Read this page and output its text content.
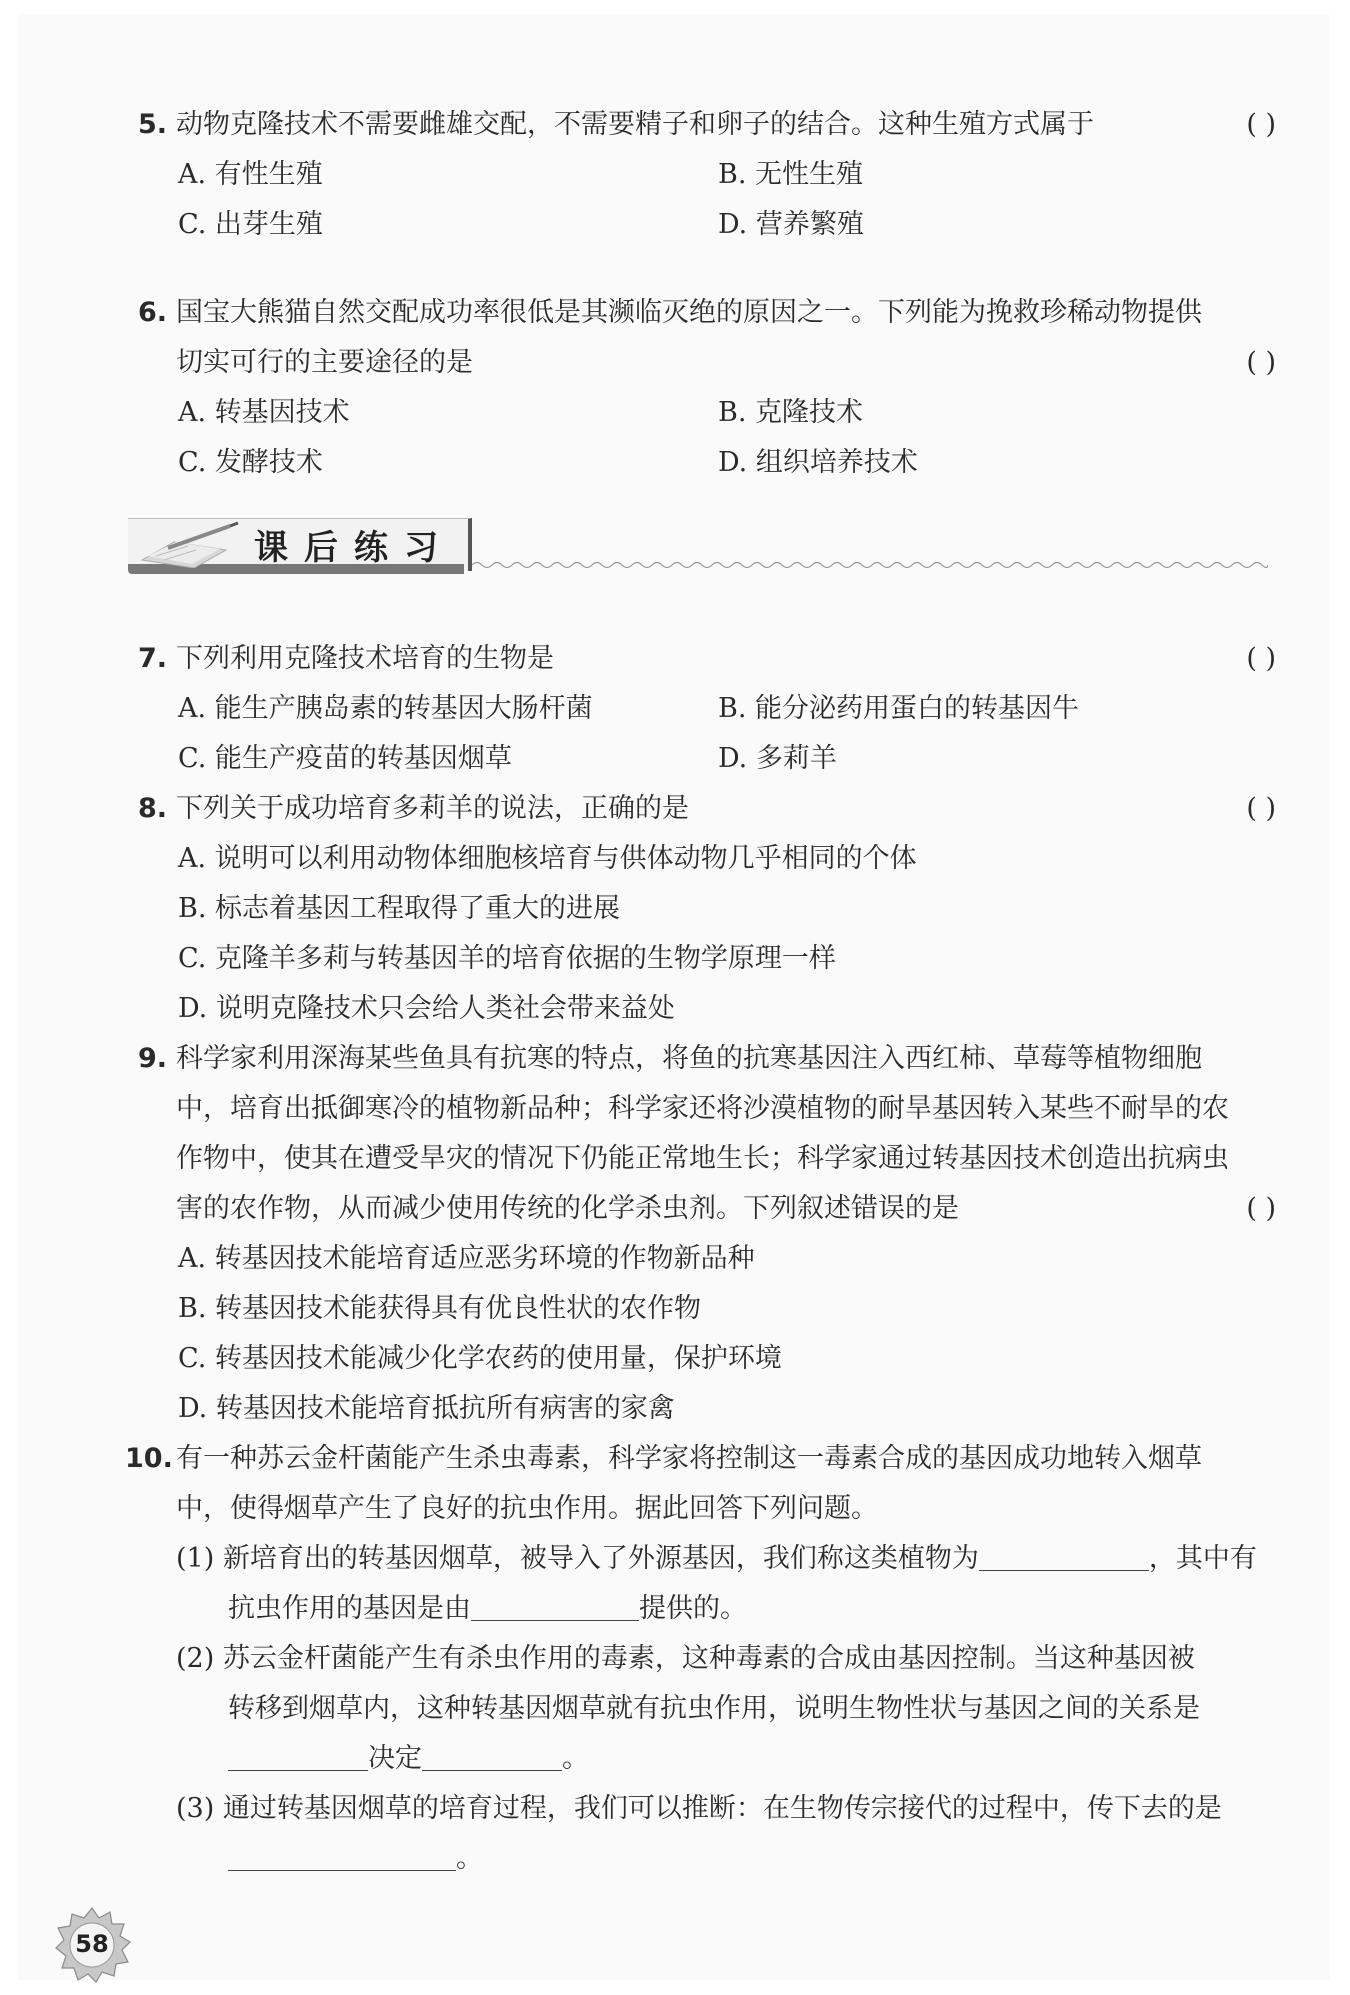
5. 动物克隆技术不需要雌雄交配，不需要精子和卵子的结合。这种生殖方式属于	( )
A. 有性生殖	B. 无性生殖
C. 出芽生殖	D. 营养繁殖
6. 国宝大熊猫自然交配成功率很低是其濒临灭绝的原因之一。下列能为挽救珍稀动物提供
切实可行的主要途径的是	( )
A. 转基因技术	B. 克隆技术
C. 发酵技术	D. 组织培养技术
课后练习
7. 下列利用克隆技术培育的生物是	( )
A. 能生产胰岛素的转基因大肠杆菌	B. 能分泌药用蛋白的转基因牛
C. 能生产疫苗的转基因烟草	D. 多莉羊
8. 下列关于成功培育多莉羊的说法，正确的是	( )
A. 说明可以利用动物体细胞核培育与供体动物几乎相同的个体
B. 标志着基因工程取得了重大的进展
C. 克隆羊多莉与转基因羊的培育依据的生物学原理一样
D. 说明克隆技术只会给人类社会带来益处
9. 科学家利用深海某些鱼具有抗寒的特点，将鱼的抗寒基因注入西红柿、草莓等植物细胞
中，培育出抵御寒冷的植物新品种；科学家还将沙漠植物的耐旱基因转入某些不耐旱的农
作物中，使其在遭受旱灾的情况下仍能正常地生长；科学家通过转基因技术创造出抗病虫
害的农作物，从而减少使用传统的化学杀虫剂。下列叙述错误的是	( )
A. 转基因技术能培育适应恶劣环境的作物新品种
B. 转基因技术能获得具有优良性状的农作物
C. 转基因技术能减少化学农药的使用量，保护环境
D. 转基因技术能培育抵抗所有病害的家禽
10. 有一种苏云金杆菌能产生杀虫毒素，科学家将控制这一毒素合成的基因成功地转入烟草
中，使得烟草产生了良好的抗虫作用。据此回答下列问题。
(1) 新培育出的转基因烟草，被导入了外源基因，我们称这类植物为	，其中有
抗虫作用的基因是由	提供的。
(2) 苏云金杆菌能产生有杀虫作用的毒素，这种毒素的合成由基因控制。当这种基因被
转移到烟草内，这种转基因烟草就有抗虫作用，说明生物性状与基因之间的关系是
决定	。
(3) 通过转基因烟草的培育过程，我们可以推断：在生物传宗接代的过程中，传下去的是
。
58
